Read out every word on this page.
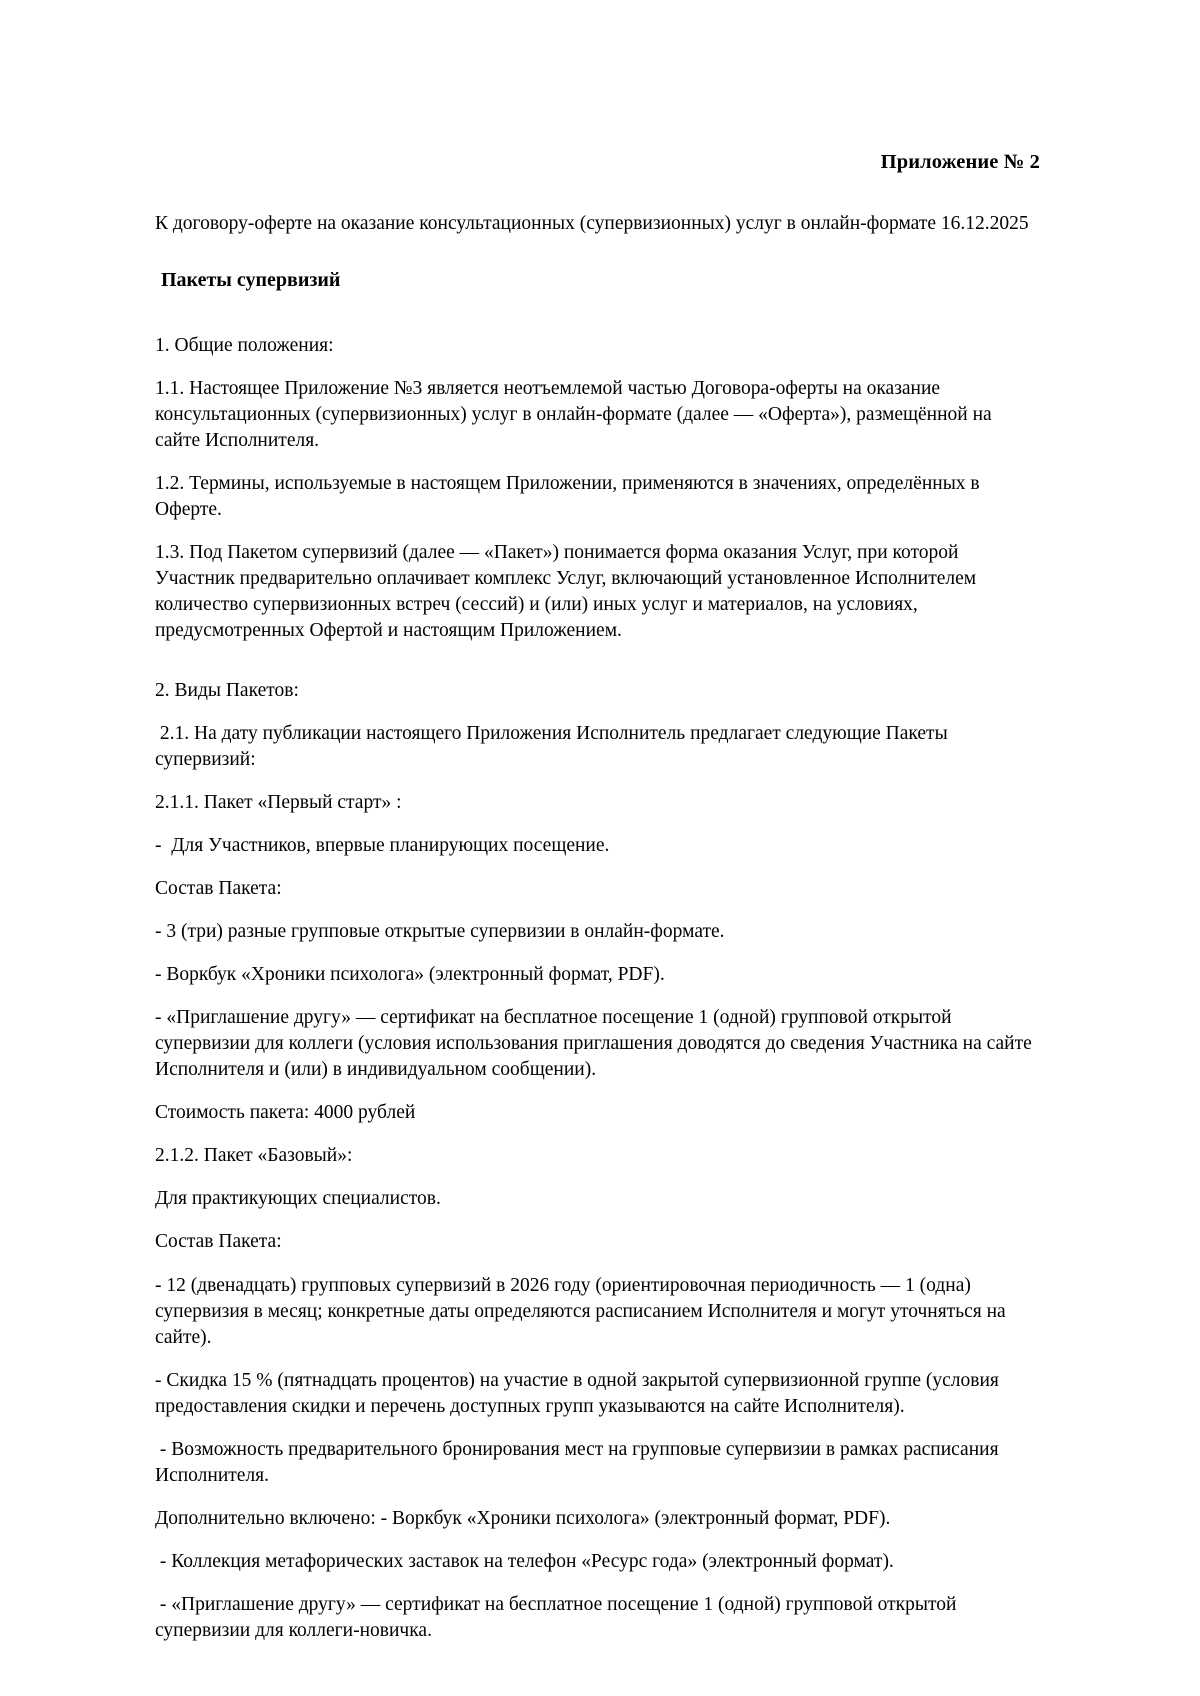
Приложение № 2
К договору-оферте на оказание консультационных (супервизионных) услуг в онлайн-формате 16.12.2025
Пакеты супервизий

1. Общие положения:

1.1. Настоящее Приложение №3 является неотъемлемой частью Договора-оферты на оказание консультационных (супервизионных) услуг в онлайн-формате (далее — «Оферта»), размещённой на сайте Исполнителя.

1.2. Термины, используемые в настоящем Приложении, применяются в значениях, определённых в Оферте.

1.3. Под Пакетом супервизий (далее — «Пакет») понимается форма оказания Услуг, при которой Участник предварительно оплачивает комплекс Услуг, включающий установленное Исполнителем количество супервизионных встреч (сессий) и (или) иных услуг и материалов, на условиях, предусмотренных Офертой и настоящим Приложением.

2. Виды Пакетов:

2.1. На дату публикации настоящего Приложения Исполнитель предлагает следующие Пакеты супервизий:

2.1.1. Пакет «Первый старт» :

-  Для Участников, впервые планирующих посещение.

Состав Пакета:

- 3 (три) разные групповые открытые супервизии в онлайн-формате.

- Воркбук «Хроники психолога» (электронный формат, PDF).

- «Приглашение другу» — сертификат на бесплатное посещение 1 (одной) групповой открытой супервизии для коллеги (условия использования приглашения доводятся до сведения Участника на сайте Исполнителя и (или) в индивидуальном сообщении).

Стоимость пакета: 4000 рублей

2.1.2. Пакет «Базовый»:

Для практикующих специалистов.

Состав Пакета:

- 12 (двенадцать) групповых супервизий в 2026 году (ориентировочная периодичность — 1 (одна) супервизия в месяц; конкретные даты определяются расписанием Исполнителя и могут уточняться на сайте).

- Скидка 15 % (пятнадцать процентов) на участие в одной закрытой супервизионной группе (условия предоставления скидки и перечень доступных групп указываются на сайте Исполнителя).

- Возможность предварительного бронирования мест на групповые супервизии в рамках расписания Исполнителя.

Дополнительно включено: - Воркбук «Хроники психолога» (электронный формат, PDF).

- Коллекция метафорических заставок на телефон «Ресурс года» (электронный формат).

- «Приглашение другу» — сертификат на бесплатное посещение 1 (одной) групповой открытой супервизии для коллеги-новичка.
